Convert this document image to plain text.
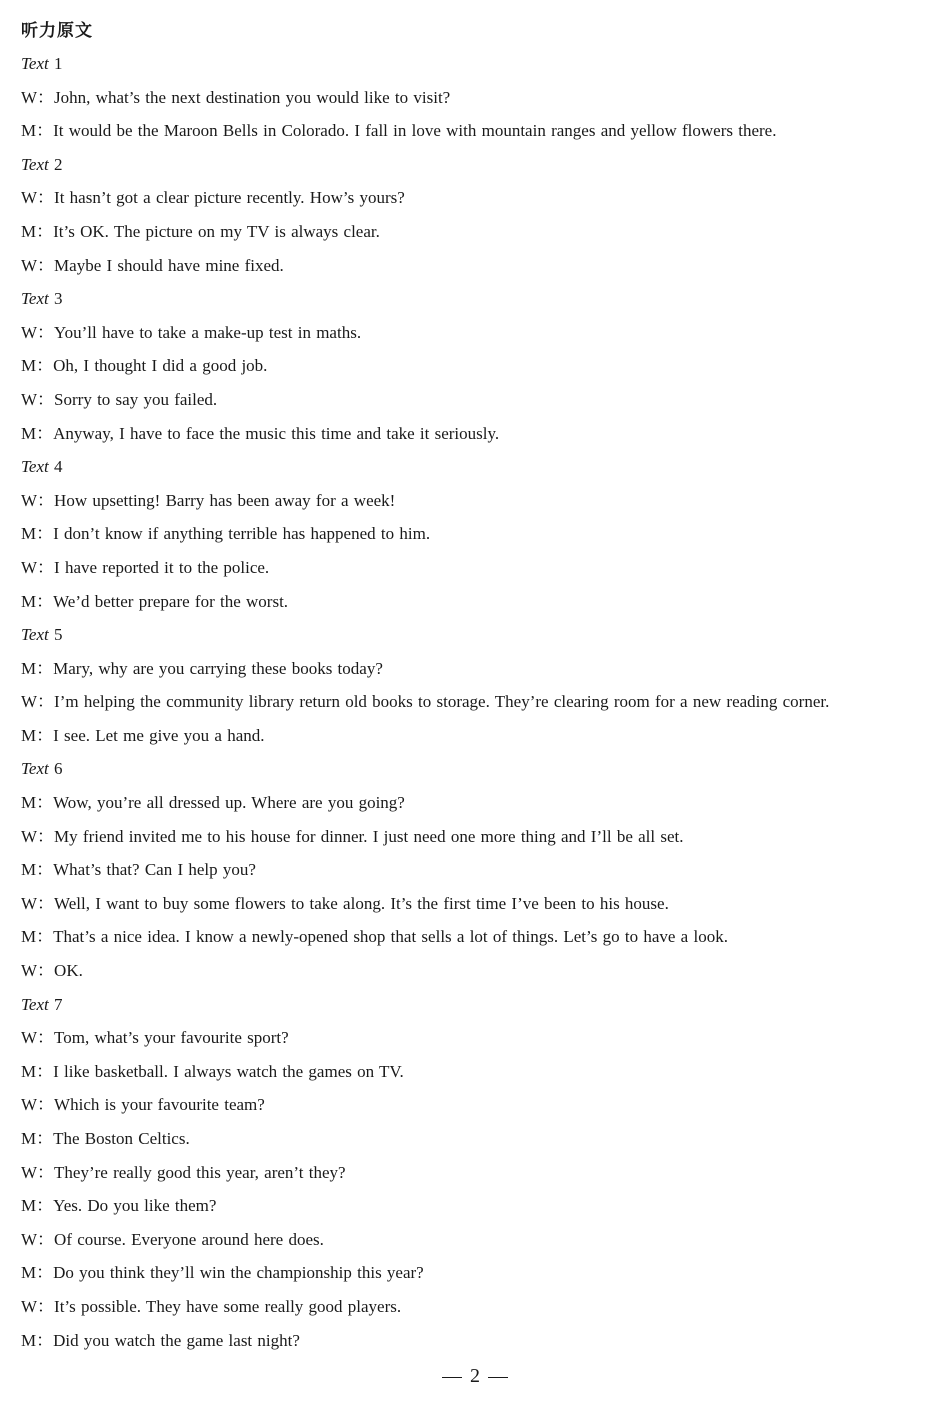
听力原文
Text 1
W：John, what’s the next destination you would like to visit?
M：It would be the Maroon Bells in Colorado. I fall in love with mountain ranges and yellow flowers there.
Text 2
W：It hasn’t got a clear picture recently. How’s yours?
M：It’s OK. The picture on my TV is always clear.
W：Maybe I should have mine fixed.
Text 3
W：You’ll have to take a make-up test in maths.
M：Oh, I thought I did a good job.
W：Sorry to say you failed.
M：Anyway, I have to face the music this time and take it seriously.
Text 4
W：How upsetting! Barry has been away for a week!
M：I don’t know if anything terrible has happened to him.
W：I have reported it to the police.
M：We’d better prepare for the worst.
Text 5
M：Mary, why are you carrying these books today?
W：I’m helping the community library return old books to storage. They’re clearing room for a new reading corner.
M：I see. Let me give you a hand.
Text 6
M：Wow, you’re all dressed up. Where are you going?
W：My friend invited me to his house for dinner. I just need one more thing and I’ll be all set.
M：What’s that? Can I help you?
W：Well, I want to buy some flowers to take along. It’s the first time I’ve been to his house.
M：That’s a nice idea. I know a newly-opened shop that sells a lot of things. Let’s go to have a look.
W：OK.
Text 7
W：Tom, what’s your favourite sport?
M：I like basketball. I always watch the games on TV.
W：Which is your favourite team?
M：The Boston Celtics.
W：They’re really good this year, aren’t they?
M：Yes. Do you like them?
W：Of course. Everyone around here does.
M：Do you think they’ll win the championship this year?
W：It’s possible. They have some really good players.
M：Did you watch the game last night?
2
